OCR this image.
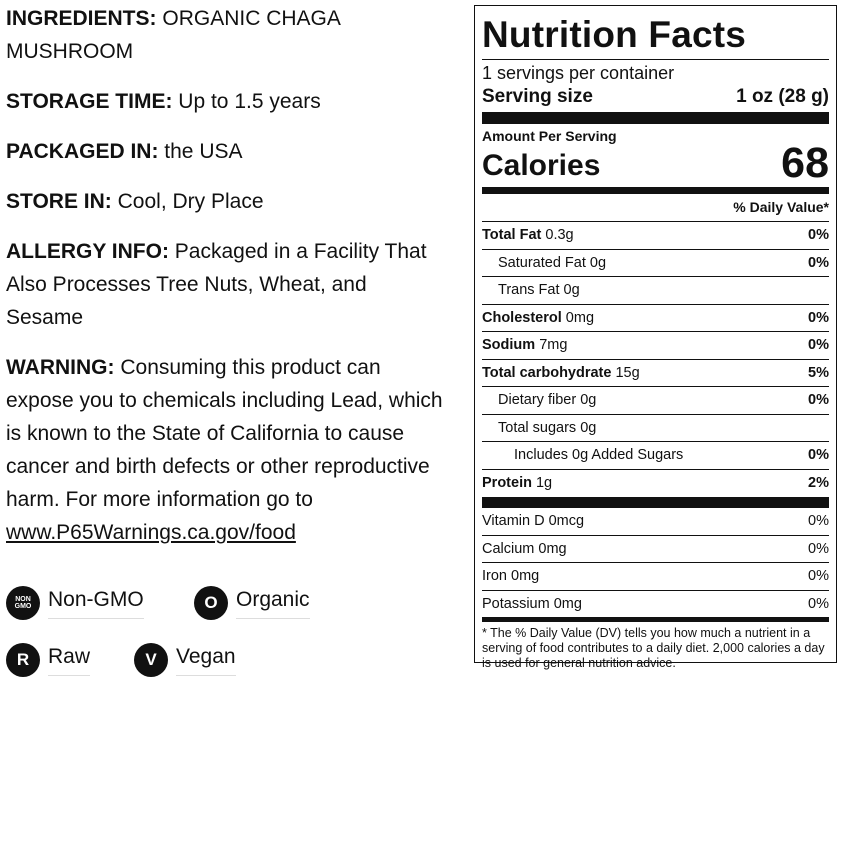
INGREDIENTS: ORGANIC CHAGA MUSHROOM

STORAGE TIME: Up to 1.5 years

PACKAGED IN: the USA

STORE IN: Cool, Dry Place

ALLERGY INFO: Packaged in a Facility That Also Processes Tree Nuts, Wheat, and Sesame

WARNING: Consuming this product can expose you to chemicals including Lead, which is known to the State of California to cause cancer and birth defects or other reproductive harm. For more information go to www.P65Warnings.ca.gov/food

NON
GMO Non-GMO	O Organic
R Raw	V Vegan
Nutrition Facts
1 servings per container
Serving size	1 oz (28 g)
Amount Per Serving
Calories	68
% Daily Value*
Total Fat 0.3g	0%
Saturated Fat 0g	0%
Trans Fat 0g
Cholesterol 0mg	0%
Sodium 7mg	0%
Total carbohydrate 15g	5%
Dietary fiber 0g	0%
Total sugars 0g
Includes 0g Added Sugars	0%
Protein 1g	2%
Vitamin D 0mcg	0%
Calcium 0mg	0%
Iron 0mg	0%
Potassium 0mg	0%
* The % Daily Value (DV) tells you how much a nutrient in a serving of food contributes to a daily diet. 2,000 calories a day is used for general nutrition advice.
